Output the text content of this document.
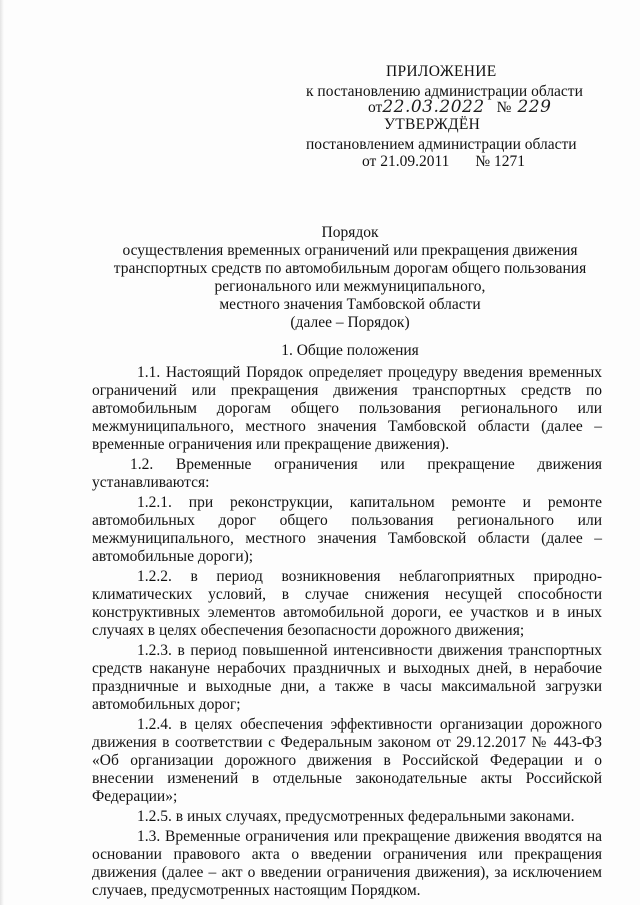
ПРИЛОЖЕНИЕ
к постановлению администрации области
от22.03.2022 № 229
УТВЕРЖДЁН
постановлением администрации области
от 21.09.2011 № 1271
Порядок
осуществления временных ограничений или прекращения движения
транспортных средств по автомобильным дорогам общего пользования
регионального или межмуниципального,
местного значения Тамбовской области
(далее – Порядок)
1. Общие положения

1.1. Настоящий Порядок определяет процедуру введения временных ограничений или прекращения движения транспортных средств по автомобильным дорогам общего пользования регионального или межмуниципального, местного значения Тамбовской области (далее – временные ограничения или прекращение движения).

1.2. Временные ограничения или прекращение движения устанавливаются:

1.2.1. при реконструкции, капитальном ремонте и ремонте автомобильных дорог общего пользования регионального или межмуниципального, местного значения Тамбовской области (далее – автомобильные дороги);

1.2.2. в период возникновения неблагоприятных природно-климатических условий, в случае снижения несущей способности конструктивных элементов автомобильной дороги, ее участков и в иных случаях в целях обеспечения безопасности дорожного движения;

1.2.3. в период повышенной интенсивности движения транспортных средств накануне нерабочих праздничных и выходных дней, в нерабочие праздничные и выходные дни, а также в часы максимальной загрузки автомобильных дорог;

1.2.4. в целях обеспечения эффективности организации дорожного движения в соответствии с Федеральным законом от 29.12.2017 № 443-ФЗ «Об организации дорожного движения в Российской Федерации и о внесении изменений в отдельные законодательные акты Российской Федерации»;

1.2.5. в иных случаях, предусмотренных федеральными законами.

1.3. Временные ограничения или прекращение движения вводятся на основании правового акта о введении ограничения или прекращения движения (далее – акт о введении ограничения движения), за исключением случаев, предусмотренных настоящим Порядком.
